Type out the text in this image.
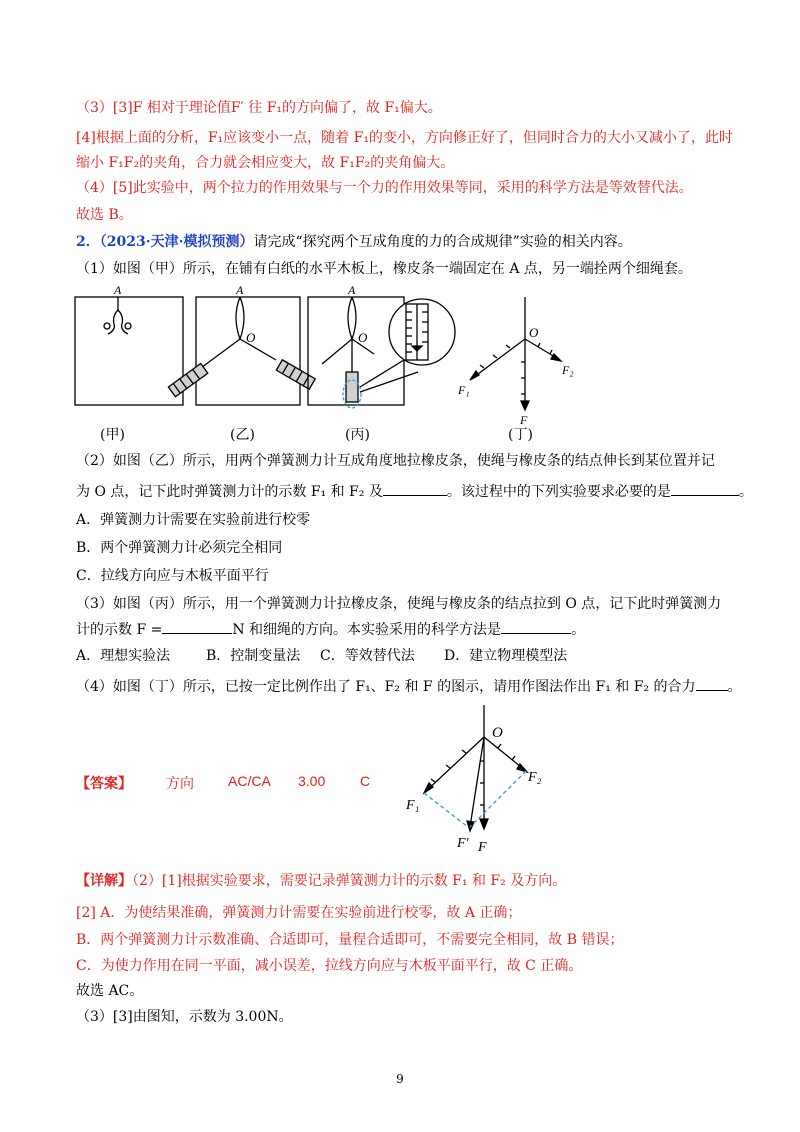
（3）[3]F 相对于理论值F′ 往 F₁的方向偏了，故 F₁偏大。
[4]根据上面的分析，F₁应该变小一点，随着 F₁的变小，方向修正好了，但同时合力的大小又减小了，此时
缩小 F₁F₂的夹角，合力就会相应变大，故 F₁F₂的夹角偏大。
（4）[5]此实验中，两个拉力的作用效果与一个力的作用效果等同，采用的科学方法是等效替代法。
故选 B。
2．（2023·天津·模拟预测）请完成“探究两个互成角度的力的合成规律”实验的相关内容。
（1）如图（甲）所示，在铺有白纸的水平木板上，橡皮条一端固定在 A 点，另一端拴两个细绳套。
A	A
O
A
O	O
F₂
F₁
F
(甲)	(乙)	(丙)	(丁)
（2）如图（乙）所示，用两个弹簧测力计互成角度地拉橡皮条，使绳与橡皮条的结点伸长到某位置并记
为 O 点，记下此时弹簧测力计的示数 F₁ 和 F₂ 及	。该过程中的下列实验要求必要的是	。
A．弹簧测力计需要在实验前进行校零
B．两个弹簧测力计必须完全相同
C．拉线方向应与木板平面平行
（3）如图（丙）所示，用一个弹簧测力计拉橡皮条，使绳与橡皮条的结点拉到 O 点，记下此时弹簧测力
计的示数 F =	N 和细绳的方向。本实验采用的科学方法是	。
A．理想实验法	B．控制变量法 C．等效替代法 D．建立物理模型法
（4）如图（丁）所示，已按一定比例作出了 F₁、F₂ 和 F 的图示，请用作图法作出 F₁ 和 F₂ 的合力 。
O
F₂
F₁
F′ F
【答案】 方向 AC/CA 3.00 C
【详解】（2）[1]根据实验要求，需要记录弹簧测力计的示数 F₁ 和 F₂ 及方向。
[2] A．为使结果准确，弹簧测力计需要在实验前进行校零，故 A 正确；
B．两个弹簧测力计示数准确、合适即可，量程合适即可，不需要完全相同，故 B 错误；
C．为使力作用在同一平面，减小误差，拉线方向应与木板平面平行，故 C 正确。
故选 AC。
（3）[3]由图知，示数为 3.00N。
9
